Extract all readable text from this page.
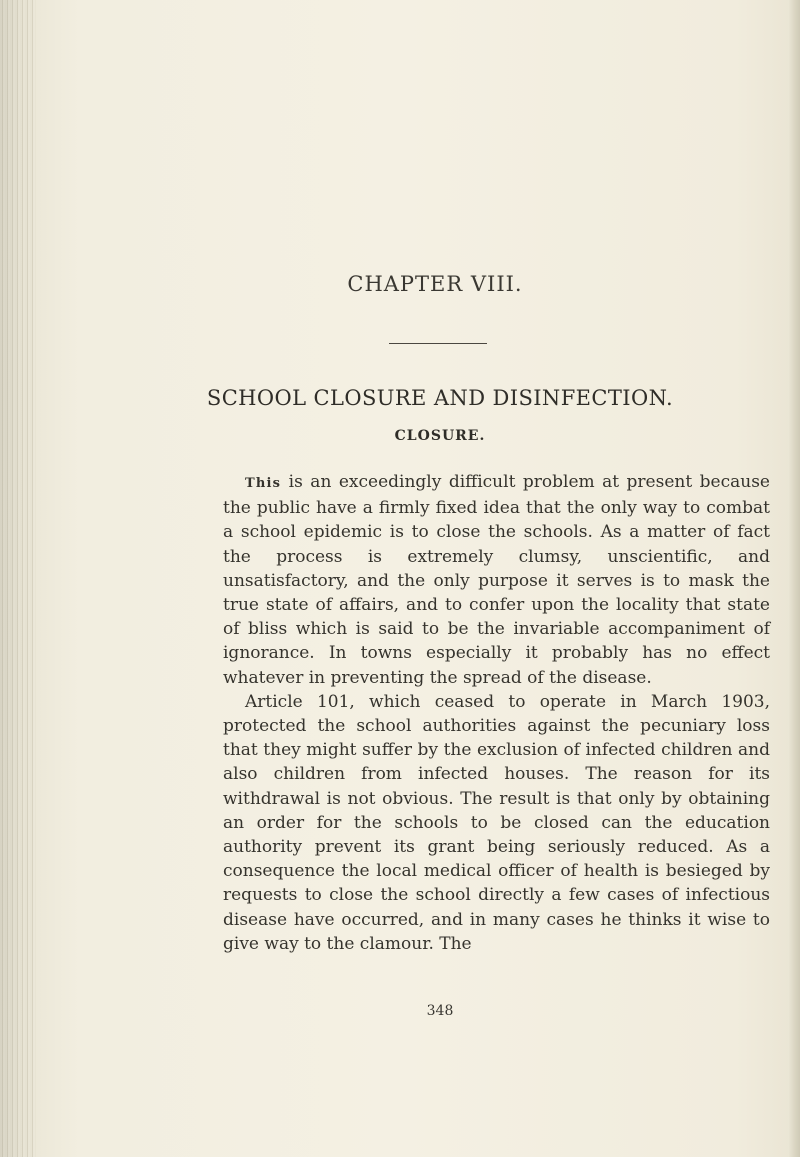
CHAPTER VIII.
SCHOOL CLOSURE AND DISINFECTION.
CLOSURE.

This is an exceedingly difficult problem at present because the public have a firmly fixed idea that the only way to combat a school epidemic is to close the schools. As a matter of fact the process is extremely clumsy, unscientific, and unsatisfactory, and the only purpose it serves is to mask the true state of affairs, and to confer upon the locality that state of bliss which is said to be the invariable accompaniment of ignorance. In towns especially it probably has no effect whatever in preventing the spread of the disease.

Article 101, which ceased to operate in March 1903, protected the school authorities against the pecuniary loss that they might suffer by the exclusion of infected children and also children from infected houses. The reason for its withdrawal is not obvious. The result is that only by obtaining an order for the schools to be closed can the education authority prevent its grant being seriously reduced. As a consequence the local medical officer of health is besieged by requests to close the school directly a few cases of infectious disease have occurred, and in many cases he thinks it wise to give way to the clamour. The

348
